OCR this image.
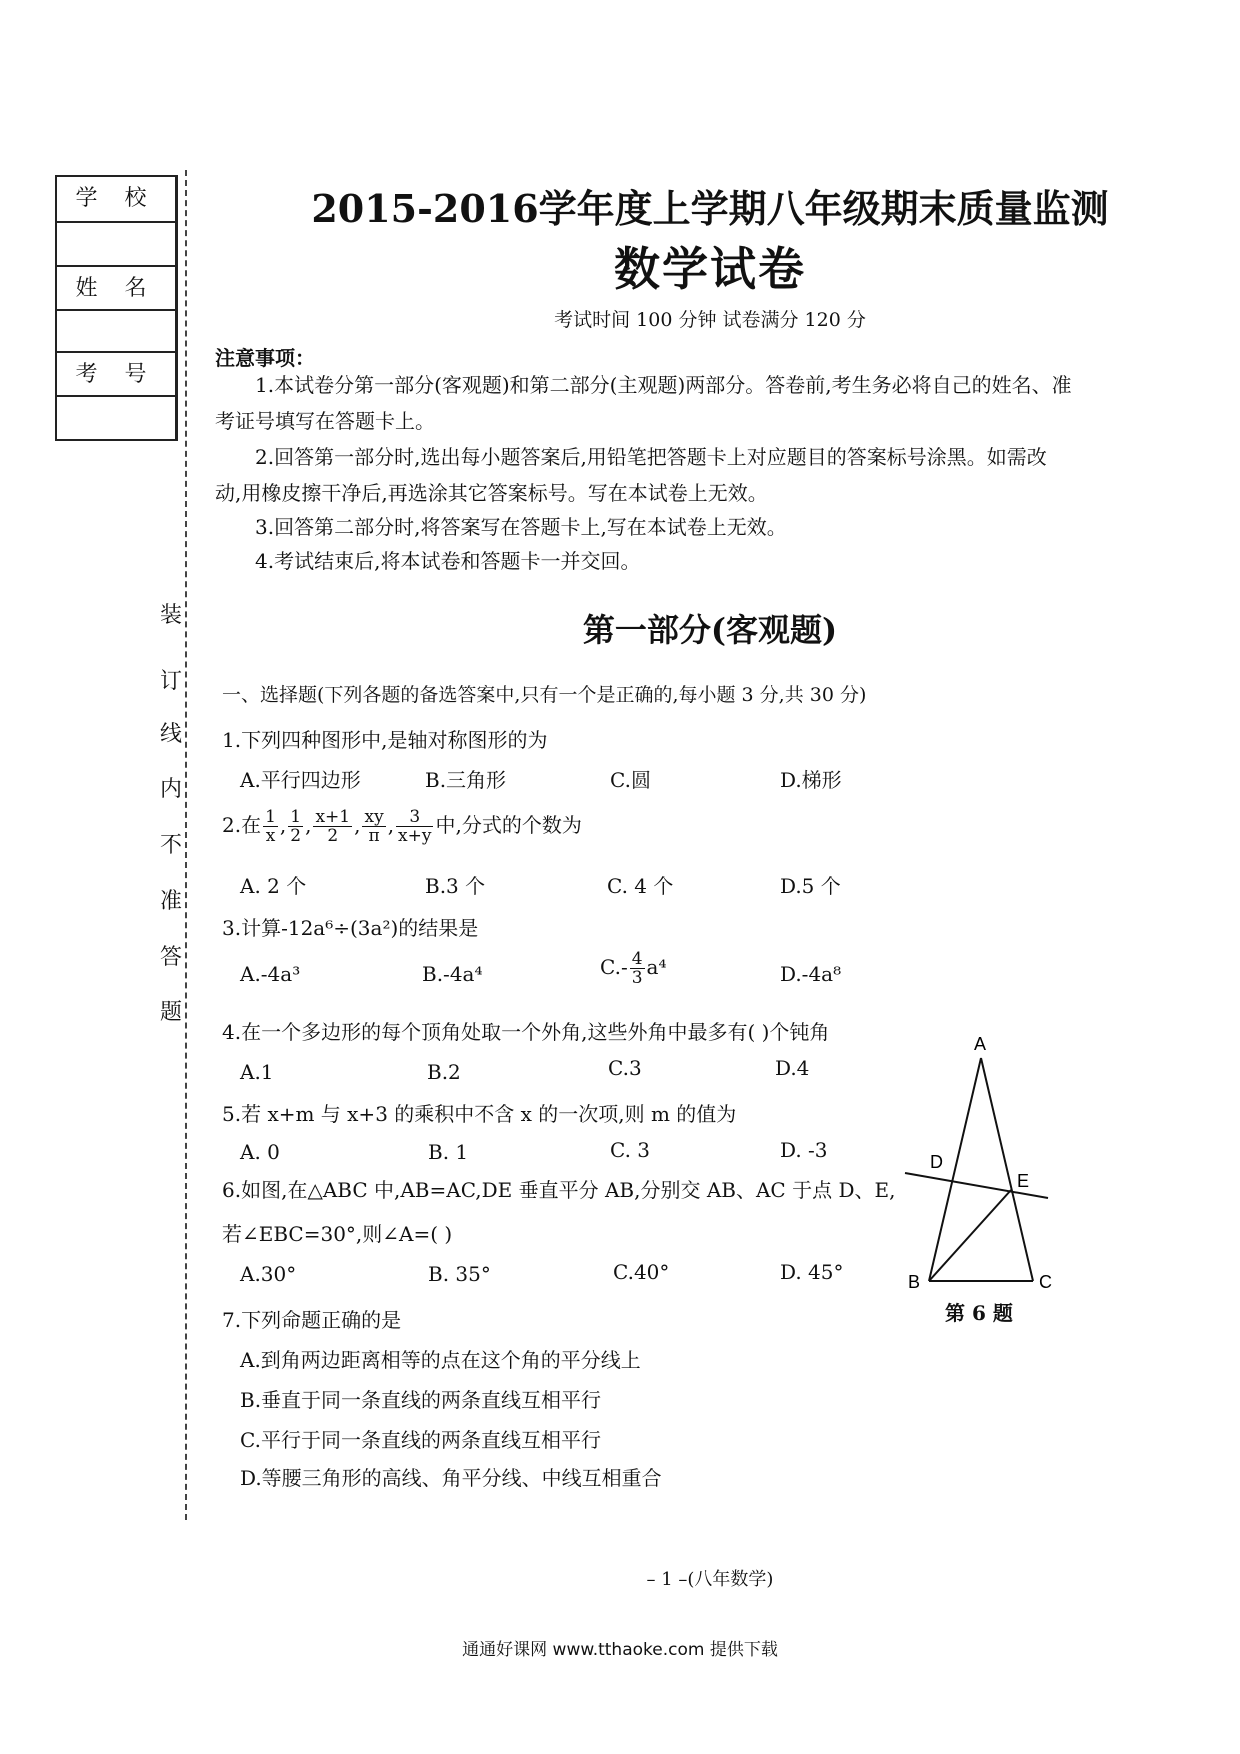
学 校
姓 名
考 号
装
订
线
内
不
准
答
题
2015-2016学年度上学期八年级期末质量监测
数学试卷
考试时间 100 分钟 试卷满分 120 分
注意事项：
1.本试卷分第一部分(客观题)和第二部分(主观题)两部分。答卷前,考生务必将自己的姓名、准
考证号填写在答题卡上。
2.回答第一部分时,选出每小题答案后,用铅笔把答题卡上对应题目的答案标号涂黑。如需改
动,用橡皮擦干净后,再选涂其它答案标号。写在本试卷上无效。
3.回答第二部分时,将答案写在答题卡上,写在本试卷上无效。
4.考试结束后,将本试卷和答题卡一并交回。
第一部分(客观题)
一、选择题(下列各题的备选答案中,只有一个是正确的,每小题 3 分,共 30 分)
1.下列四种图形中,是轴对称图形的为
A.平行四边形	B.三角形	C.圆	D.梯形
2.在 $\frac{1}{x}$ , $\frac{1}{2}$ , $\frac{x+1}{2}$ , $\frac{xy}{\pi}$ , $\frac{3}{x+y}$ 中,分式的个数为
A. 2 个	B.3 个	C. 4 个	D.5 个
3.计算-12a⁶÷(3a²)的结果是
A.-4a³	B.-4a⁴	$C.- \frac{4}{3} a^4$	D.-4a⁸
4.在一个多边形的每个顶角处取一个外角,这些外角中最多有( )个钝角
A.1	B.2	C.3	D.4
5.若 x+m 与 x+3 的乘积中不含 x 的一次项,则 m 的值为
A. 0	B. 1	C. 3	D. -3
6.如图,在△ABC 中,AB=AC,DE 垂直平分 AB,分别交 AB、AC 于点 D、E,
若∠EBC=30°,则∠A=( )
A.30°	B. 35°	C.40°	D. 45°
7.下列命题正确的是
A.到角两边距离相等的点在这个角的平分线上
B.垂直于同一条直线的两条直线互相平行
C.平行于同一条直线的两条直线互相平行
D.等腰三角形的高线、角平分线、中线互相重合
A
D
E
B	C
第 6 题
– 1 –(八年数学)
通通好课网 www.tthaoke.com 提供下载
